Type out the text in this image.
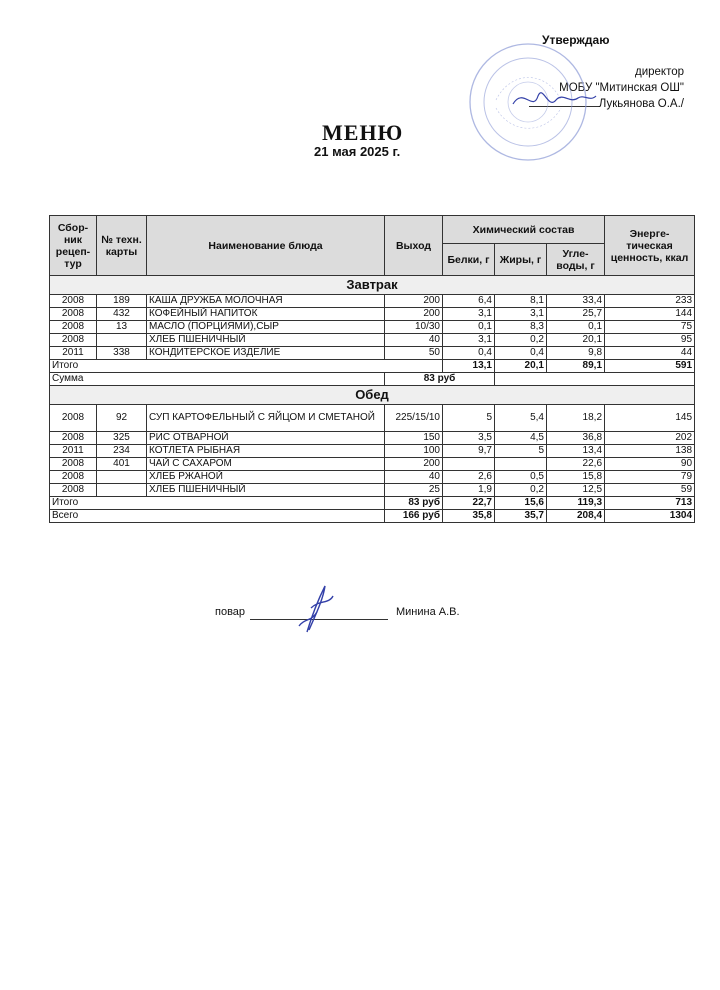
Утверждаю
директор
МОБУ "Митинская ОШ"
Лукьянова О.А./
МЕНЮ
21 мая 2025 г.
Сбор-ник рецеп-тур	№ техн. карты	Наименование блюда	Выход	Химический состав			Энерге-тическая ценность, ккал
				Белки, г	Жиры, г	Угле-воды, г	
Завтрак							
2008	189	КАША ДРУЖБА МОЛОЧНАЯ	200	6,4	8,1	33,4	233
2008	432	КОФЕЙНЫЙ НАПИТОК	200	3,1	3,1	25,7	144
2008	13	МАСЛО (ПОРЦИЯМИ),СЫР	10/30	0,1	8,3	0,1	75
2008		ХЛЕБ ПШЕНИЧНЫЙ	40	3,1	0,2	20,1	95
2011	338	КОНДИТЕРСКОЕ ИЗДЕЛИЕ	50	0,4	0,4	9,8	44
Итого				13,1	20,1	89,1	591
Сумма			83 руб				
Обед							
2008	92	СУП КАРТОФЕЛЬНЫЙ С ЯЙЦОМ И СМЕТАНОЙ	225/15/10	5	5,4	18,2	145
2008	325	РИС ОТВАРНОЙ	150	3,5	4,5	36,8	202
2011	234	КОТЛЕТА РЫБНАЯ	100	9,7	5	13,4	138
2008	401	ЧАЙ С САХАРОМ	200			22,6	90
2008		ХЛЕБ РЖАНОЙ	40	2,6	0,5	15,8	79
2008		ХЛЕБ ПШЕНИЧНЫЙ	25	1,9	0,2	12,5	59
Итого			83 руб	22,7	15,6	119,3	713
Всего			166 руб	35,8	35,7	208,4	1304
повар	Минина А.В.
